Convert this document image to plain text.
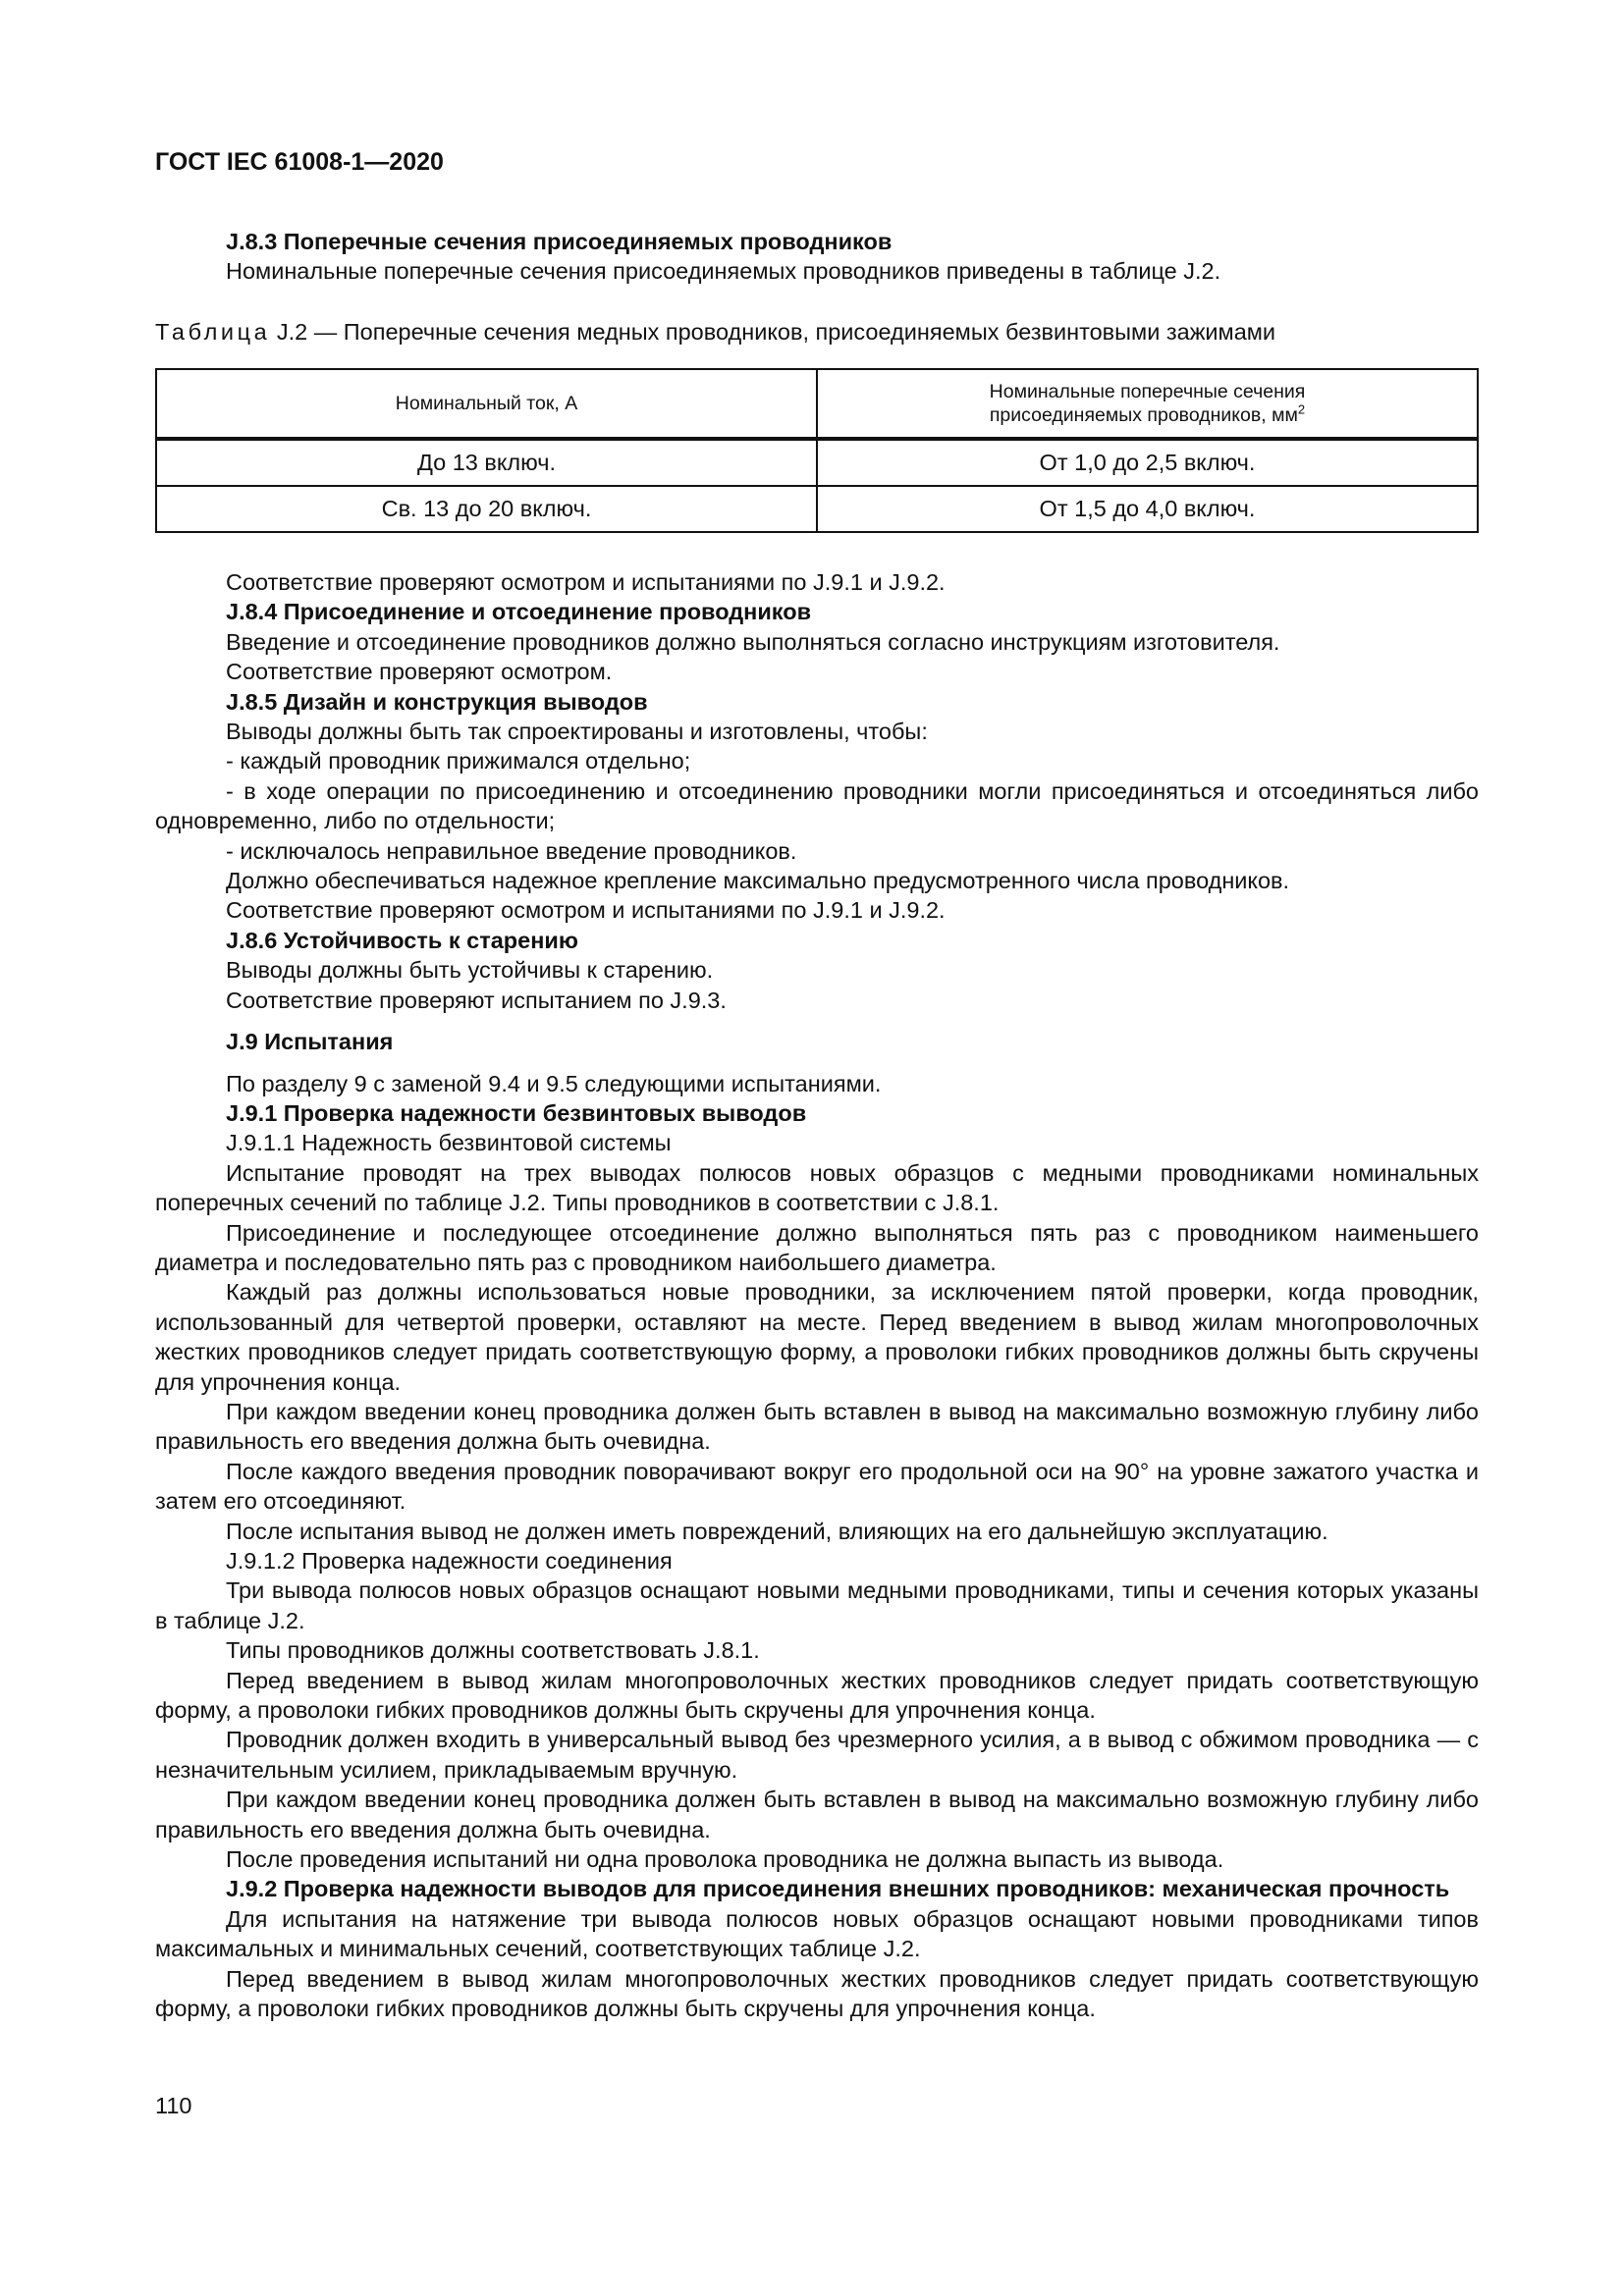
ГОСТ IEC 61008-1—2020

J.8.3 Поперечные сечения присоединяемых проводников

Номинальные поперечные сечения присоединяемых проводников приведены в таблице J.2.

Таблица J.2 — Поперечные сечения медных проводников, присоединяемых безвинтовыми зажимами
Номинальный ток, А	Номинальные поперечные сечения
присоединяемых проводников, $мм^2$
До 13 включ.	От 1,0 до 2,5 включ.
Св. 13 до 20 включ.	От 1,5 до 4,0 включ.

Соответствие проверяют осмотром и испытаниями по J.9.1 и J.9.2.

J.8.4 Присоединение и отсоединение проводников

Введение и отсоединение проводников должно выполняться согласно инструкциям изготовителя.

Соответствие проверяют осмотром.

J.8.5 Дизайн и конструкция выводов

Выводы должны быть так спроектированы и изготовлены, чтобы:

- каждый проводник прижимался отдельно;

- в ходе операции по присоединению и отсоединению проводники могли присоединяться и отсоединяться либо одновременно, либо по отдельности;

- исключалось неправильное введение проводников.

Должно обеспечиваться надежное крепление максимально предусмотренного числа проводников.

Соответствие проверяют осмотром и испытаниями по J.9.1 и J.9.2.

J.8.6 Устойчивость к старению

Выводы должны быть устойчивы к старению.

Соответствие проверяют испытанием по J.9.3.

J.9 Испытания

По разделу 9 с заменой 9.4 и 9.5 следующими испытаниями.

J.9.1 Проверка надежности безвинтовых выводов

J.9.1.1 Надежность безвинтовой системы

Испытание проводят на трех выводах полюсов новых образцов с медными проводниками номинальных поперечных сечений по таблице J.2. Типы проводников в соответствии с J.8.1.

Присоединение и последующее отсоединение должно выполняться пять раз с проводником наименьшего диаметра и последовательно пять раз с проводником наибольшего диаметра.

Каждый раз должны использоваться новые проводники, за исключением пятой проверки, когда проводник, использованный для четвертой проверки, оставляют на месте. Перед введением в вывод жилам многопроволочных жестких проводников следует придать соответствующую форму, а проволоки гибких проводников должны быть скручены для упрочнения конца.

При каждом введении конец проводника должен быть вставлен в вывод на максимально возможную глубину либо правильность его введения должна быть очевидна.

После каждого введения проводник поворачивают вокруг его продольной оси на 90° на уровне зажатого участка и затем его отсоединяют.

После испытания вывод не должен иметь повреждений, влияющих на его дальнейшую эксплуатацию.

J.9.1.2 Проверка надежности соединения

Три вывода полюсов новых образцов оснащают новыми медными проводниками, типы и сечения которых указаны в таблице J.2.

Типы проводников должны соответствовать J.8.1.

Перед введением в вывод жилам многопроволочных жестких проводников следует придать соответствующую форму, а проволоки гибких проводников должны быть скручены для упрочнения конца.

Проводник должен входить в универсальный вывод без чрезмерного усилия, а в вывод с обжимом проводника — с незначительным усилием, прикладываемым вручную.

При каждом введении конец проводника должен быть вставлен в вывод на максимально возможную глубину либо правильность его введения должна быть очевидна.

После проведения испытаний ни одна проволока проводника не должна выпасть из вывода.

J.9.2 Проверка надежности выводов для присоединения внешних проводников: механическая прочность

Для испытания на натяжение три вывода полюсов новых образцов оснащают новыми проводниками типов максимальных и минимальных сечений, соответствующих таблице J.2.

Перед введением в вывод жилам многопроволочных жестких проводников следует придать соответствующую форму, а проволоки гибких проводников должны быть скручены для упрочнения конца.

110
